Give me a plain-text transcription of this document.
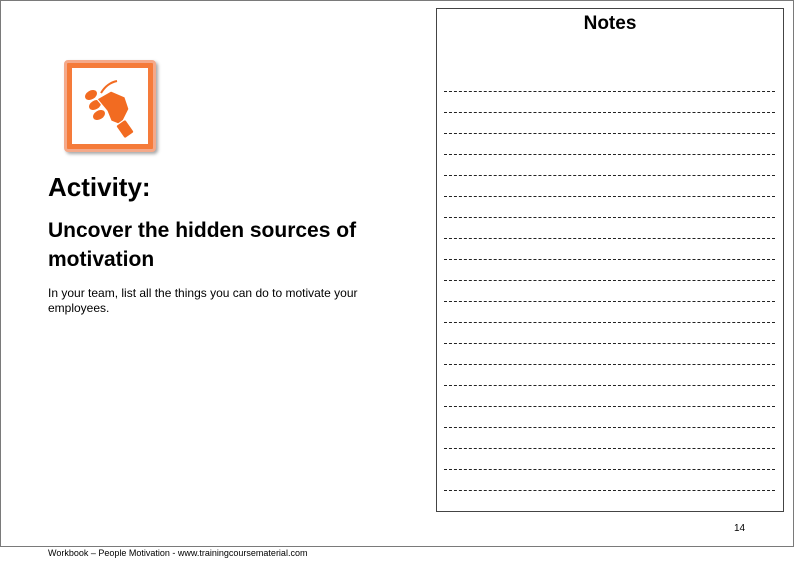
Activity:
Uncover the hidden sources of motivation

In your team, list all the things you can do to motivate your employees.

Notes
14
Workbook – People Motivation - www.trainingcoursematerial.com
